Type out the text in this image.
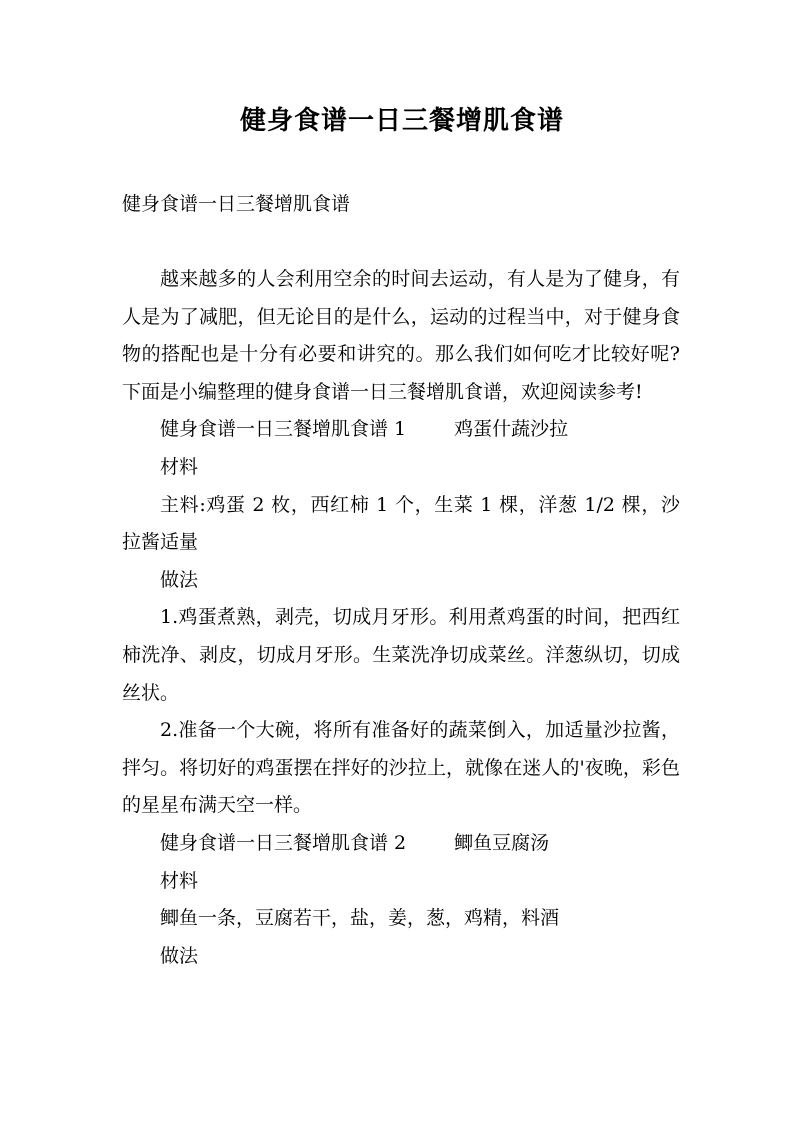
健身食谱一日三餐增肌食谱
健身食谱一日三餐增肌食谱

越来越多的人会利用空余的时间去运动，有人是为了健身，有人是为了减肥，但无论目的是什么，运动的过程当中，对于健身食物的搭配也是十分有必要和讲究的。那么我们如何吃才比较好呢?下面是小编整理的健身食谱一日三餐增肌食谱，欢迎阅读参考!

健身食谱一日三餐增肌食谱 1	鸡蛋什蔬沙拉

材料

主料:鸡蛋 2 枚，西红柿 1 个，生菜 1 棵，洋葱 1/2 棵，沙拉酱适量

做法

1.鸡蛋煮熟，剥壳，切成月牙形。利用煮鸡蛋的时间，把西红柿洗净、剥皮，切成月牙形。生菜洗净切成菜丝。洋葱纵切，切成丝状。

2.准备一个大碗，将所有准备好的蔬菜倒入，加适量沙拉酱，拌匀。将切好的鸡蛋摆在拌好的沙拉上，就像在迷人的'夜晚，彩色的星星布满天空一样。

健身食谱一日三餐增肌食谱 2	鲫鱼豆腐汤

材料

鲫鱼一条，豆腐若干，盐，姜，葱，鸡精，料酒

做法
